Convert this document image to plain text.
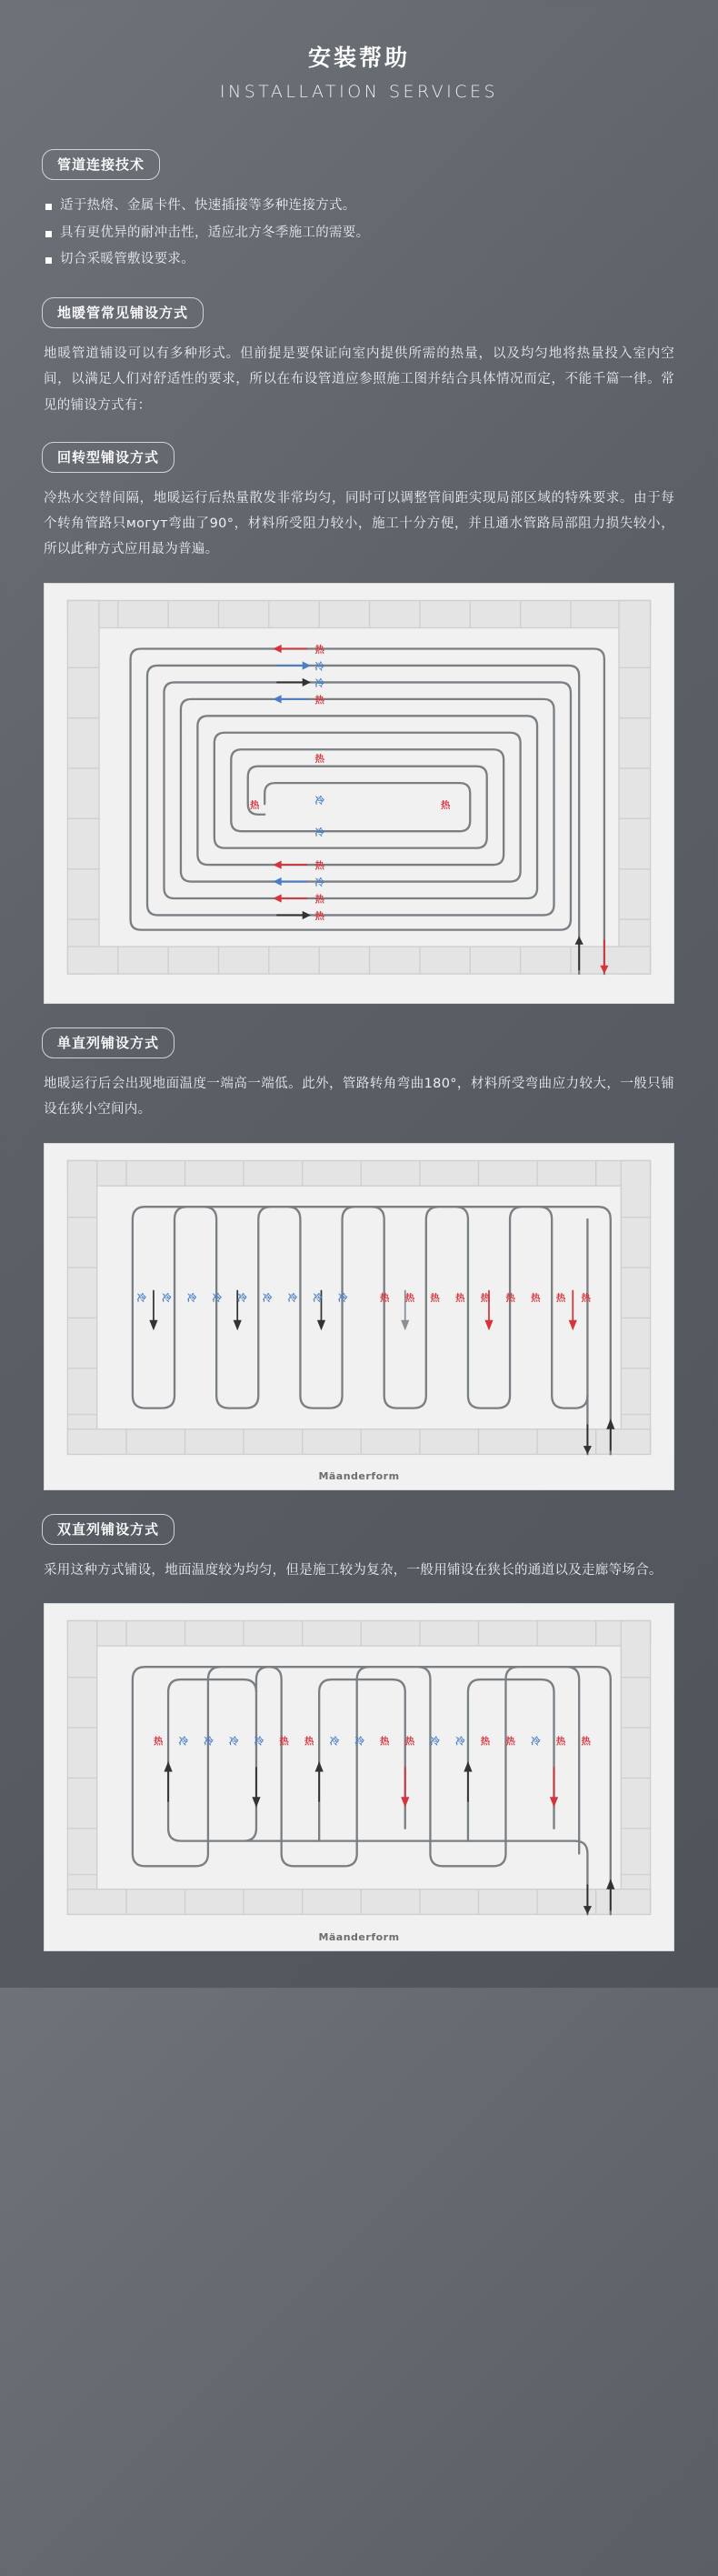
安装帮助
INSTALLATION SERVICES
管道连接技术
适于热熔、金属卡件、快速插接等多种连接方式。
具有更优异的耐冲击性，适应北方冬季施工的需要。
切合采暖管敷设要求。
地暖管常见铺设方式

地暖管道铺设可以有多种形式。但前提是要保证向室内提供所需的热量，以及均匀地将热量投入室内空间，以满足人们对舒适性的要求，所以在布设管道应参照施工图并结合具体情况而定，不能千篇一律。常见的铺设方式有：

回转型铺设方式

冷热水交替间隔，地暖运行后热量散发非常均匀，同时可以调整管间距实现局部区域的特殊要求。由于每个转角管路只могут弯曲了90°，材料所受阻力较小，施工十分方便，并且通水管路局部阻力损失较小，所以此种方式应用最为普遍。

热
冷
冷
热
热
冷
热
热
热	热
热
冷
冷
单直列铺设方式

地暖运行后会出现地面温度一端高一端低。此外，管路转角弯曲180°，材料所受弯曲应力较大，一般只铺设在狭小空间内。

冷 冷 冷 冷 冷 冷 冷 冷 冷	热 热 热 热 热 热 热 热 热
Mäanderform
双直列铺设方式

采用这种方式铺设，地面温度较为均匀，但是施工较为复杂，一般用铺设在狭长的通道以及走廊等场合。

热 冷 冷 冷 冷 热 热 冷 冷 热 热 冷 冷 热 热 冷 热 热
Mäanderform
